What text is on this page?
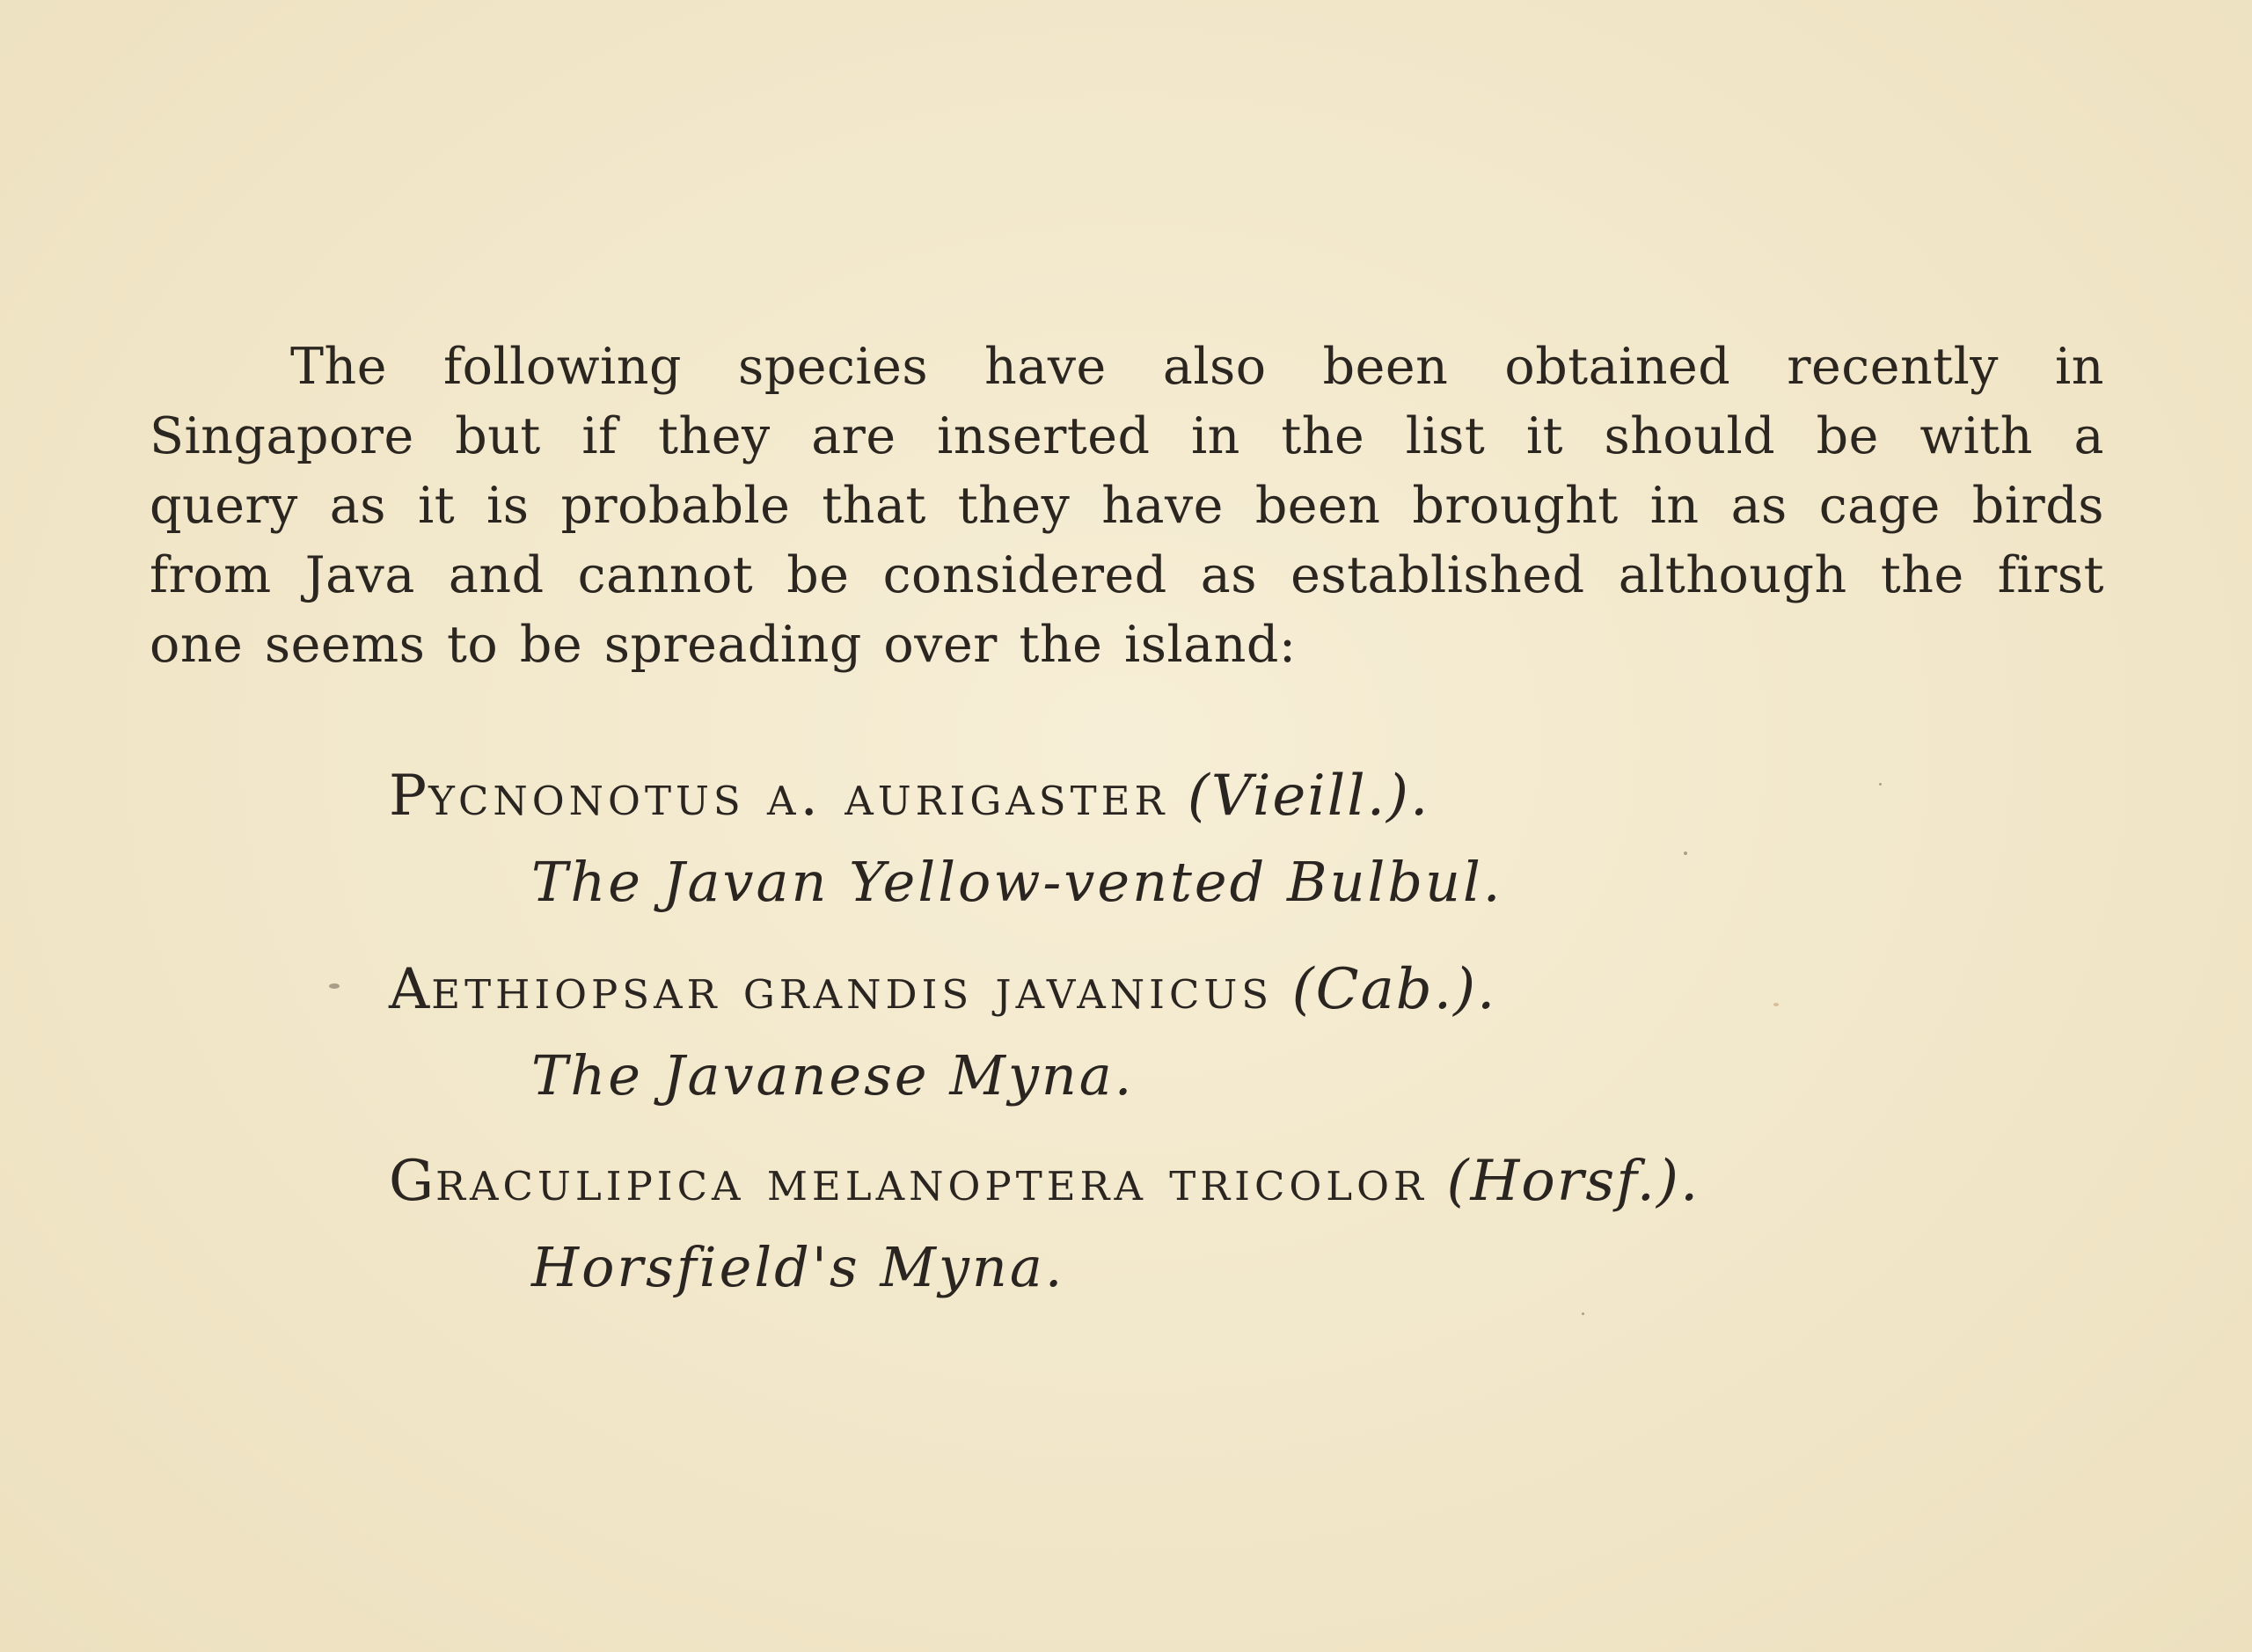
The following species have also been obtained recently in
Singapore but if they are inserted in the list it should be with a
query as it is probable that they have been brought in as cage birds
from Java and cannot be considered as established although the first
one seems to be spreading over the island:
Pycnonotus a. aurigaster (Vieill.).
The Javan Yellow-vented Bulbul.
Aethiopsar grandis javanicus (Cab.).
The Javanese Myna.
Graculipica melanoptera tricolor (Horsf.).
Horsfield's Myna.
